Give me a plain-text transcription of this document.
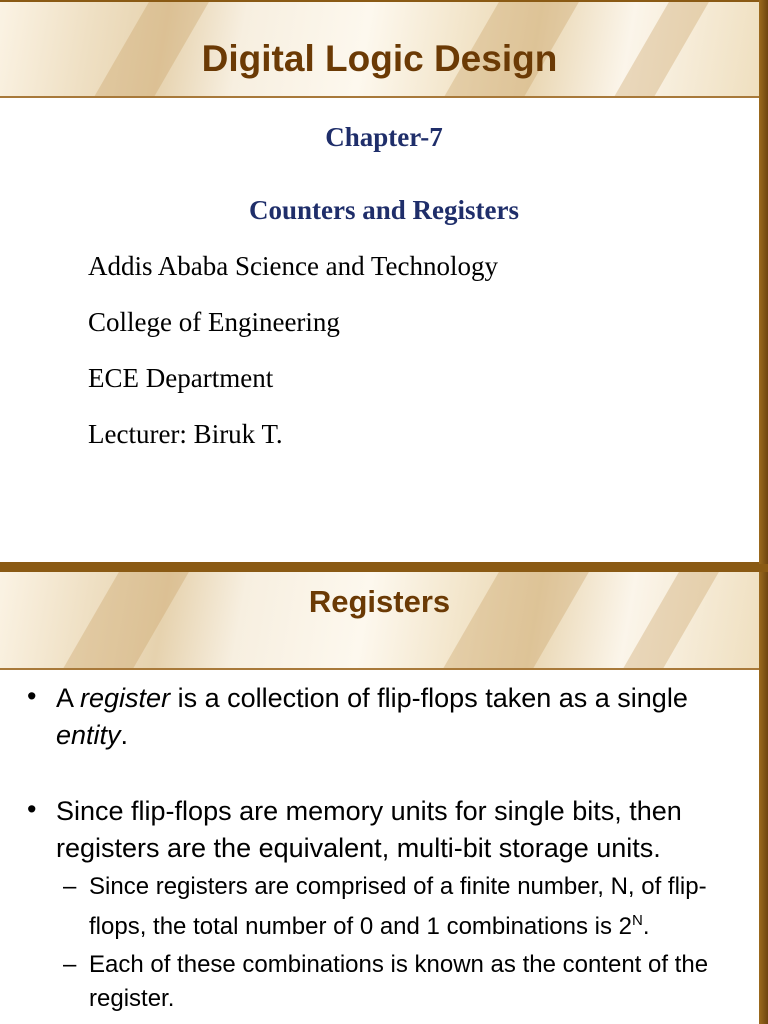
Digital Logic Design

Chapter-7

Counters and Registers

Addis Ababa Science and Technology

College of Engineering

ECE Department

Lecturer: Biruk T.

Registers

• A register is a collection of flip-flops taken as a single entity.

• Since flip-flops are memory units for single bits, then registers are the equivalent, multi-bit storage units.

– Since registers are comprised of a finite number, N, of flip-flops, the total number of 0 and 1 combinations is $2^N$.

– Each of these combinations is known as the content of the register.
